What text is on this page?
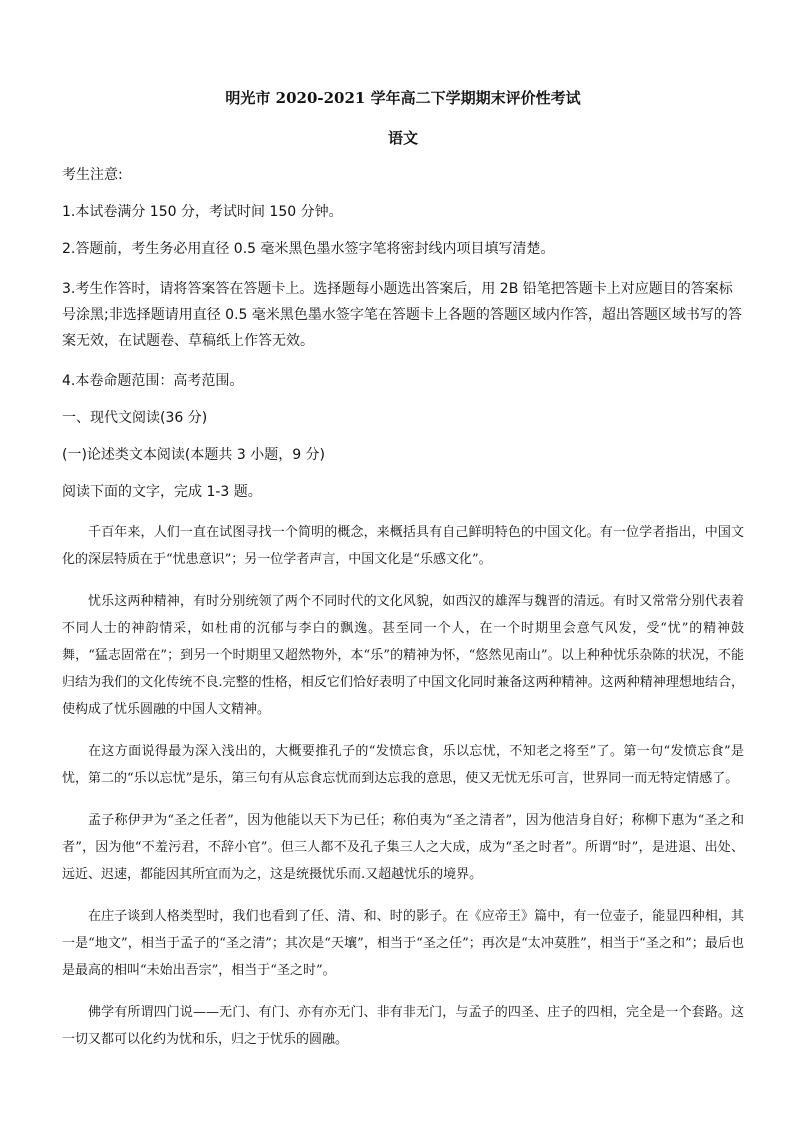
明光市 2020-2021 学年高二下学期期末评价性考试
语文
考生注意:
1.本试卷满分 150 分，考试时间 150 分钟。
2.答题前，考生务必用直径 0.5 毫米黑色墨水签字笔将密封线内项目填写清楚。
3.考生作答时，请将答案答在答题卡上。选择题每小题选出答案后，用 2B 铅笔把答题卡上对应题目的答案标号涂黑;非选择题请用直径 0.5 毫米黑色墨水签字笔在答题卡上各题的答题区域内作答，超出答题区域书写的答案无效，在试题卷、草稿纸上作答无效。
4.本卷命题范围：高考范围。
一、现代文阅读(36 分)
(一)论述类文本阅读(本题共 3 小题，9 分)
阅读下面的文字，完成 1-3 题。

千百年来，人们一直在试图寻找一个简明的概念，来概括具有自己鲜明特色的中国文化。有一位学者指出，中国文化的深层特质在于“忧患意识”；另一位学者声言，中国文化是“乐感文化”。

忧乐这两种精神，有时分别统领了两个不同时代的文化风貌，如西汉的雄浑与魏晋的清远。有时又常常分别代表着不同人士的神韵情采，如杜甫的沉郁与李白的飘逸。甚至同一个人，在一个时期里会意气风发，受“忧”的精神鼓舞，“猛志固常在”；到另一个时期里又超然物外，本“乐”的精神为怀，“悠然见南山”。以上种种忧乐杂陈的状况，不能归结为我们的文化传统不良.完整的性格，相反它们恰好表明了中国文化同时兼备这两种精神。这两种精神理想地结合，使构成了忧乐圆融的中国人文精神。

在这方面说得最为深入浅出的，大概要推孔子的“发愤忘食，乐以忘忧，不知老之将至”了。第一句“发愤忘食”是忧，第二的“乐以忘忧”是乐，第三句有从忘食忘忧而到达忘我的意思，使又无忧无乐可言，世界同一而无特定情感了。

孟子称伊尹为“圣之任者”，因为他能以天下为已任；称伯夷为“圣之清者”，因为他洁身自好；称柳下惠为“圣之和者”，因为他“不羞污君，不辞小官”。但三人都不及孔子集三人之大成，成为“圣之时者”。所谓“时”，是进退、出处、远近、迟速，都能因其所宜而为之，这是统摄忧乐而.又超越忧乐的境界。

在庄子谈到人格类型时，我们也看到了任、清、和、时的影子。在《应帝王》篇中，有一位壶子，能显四种相，其一是“地文”，相当于孟子的“圣之清”；其次是“天壤”，相当于“圣之任”；再次是“太冲莫胜”，相当于“圣之和”；最后也是最高的相叫“未始出吾宗”，相当于“圣之时”。

佛学有所谓四门说——无门、有门、亦有亦无门、非有非无门，与孟子的四圣、庄子的四相，完全是一个套路。这一切又都可以化约为忧和乐，归之于忧乐的圆融。
